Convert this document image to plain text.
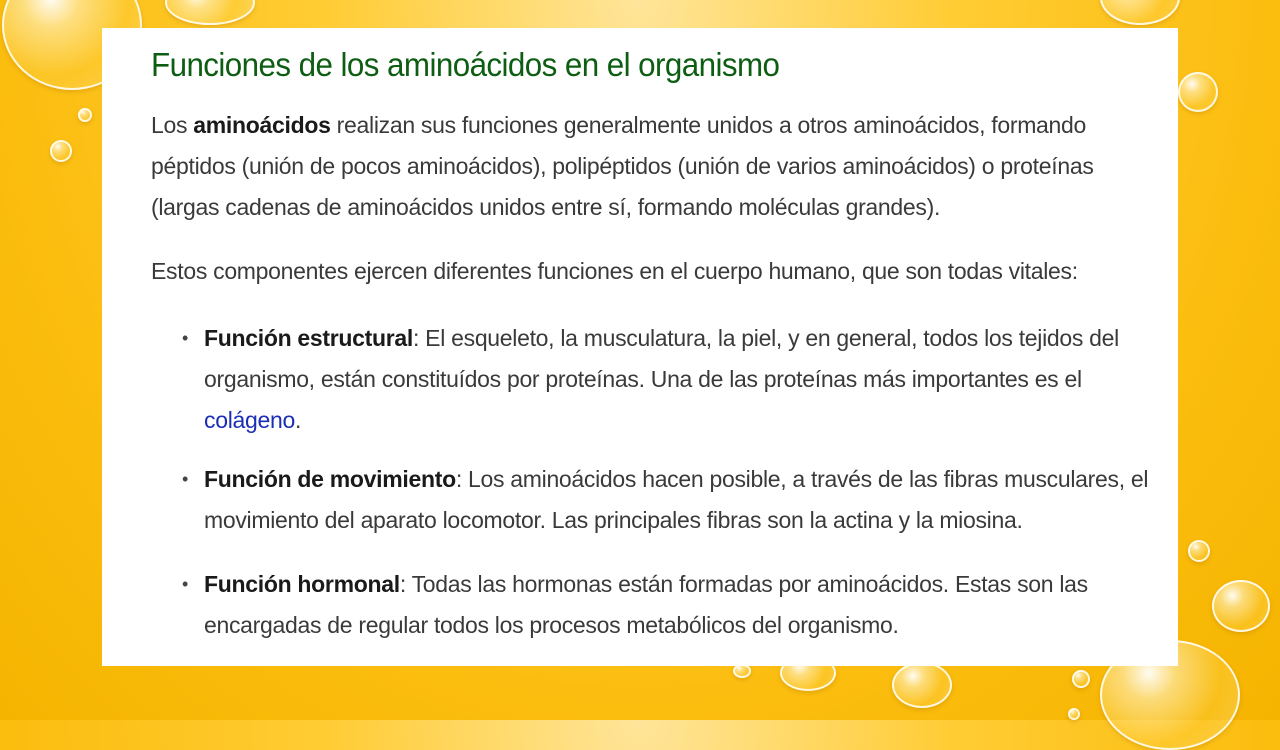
Funciones de los aminoácidos en el organismo

Los aminoácidos realizan sus funciones generalmente unidos a otros aminoácidos, formando péptidos (unión de pocos aminoácidos), polipéptidos (unión de varios aminoácidos) o proteínas (largas cadenas de aminoácidos unidos entre sí, formando moléculas grandes).

Estos componentes ejercen diferentes funciones en el cuerpo humano, que son todas vitales:

• Función estructural: El esqueleto, la musculatura, la piel, y en general, todos los tejidos del organismo, están constituídos por proteínas. Una de las proteínas más importantes es el colágeno.
• Función de movimiento: Los aminoácidos hacen posible, a través de las fibras musculares, el movimiento del aparato locomotor. Las principales fibras son la actina y la miosina.
• Función hormonal: Todas las hormonas están formadas por aminoácidos. Estas son las encargadas de regular todos los procesos metabólicos del organismo.
